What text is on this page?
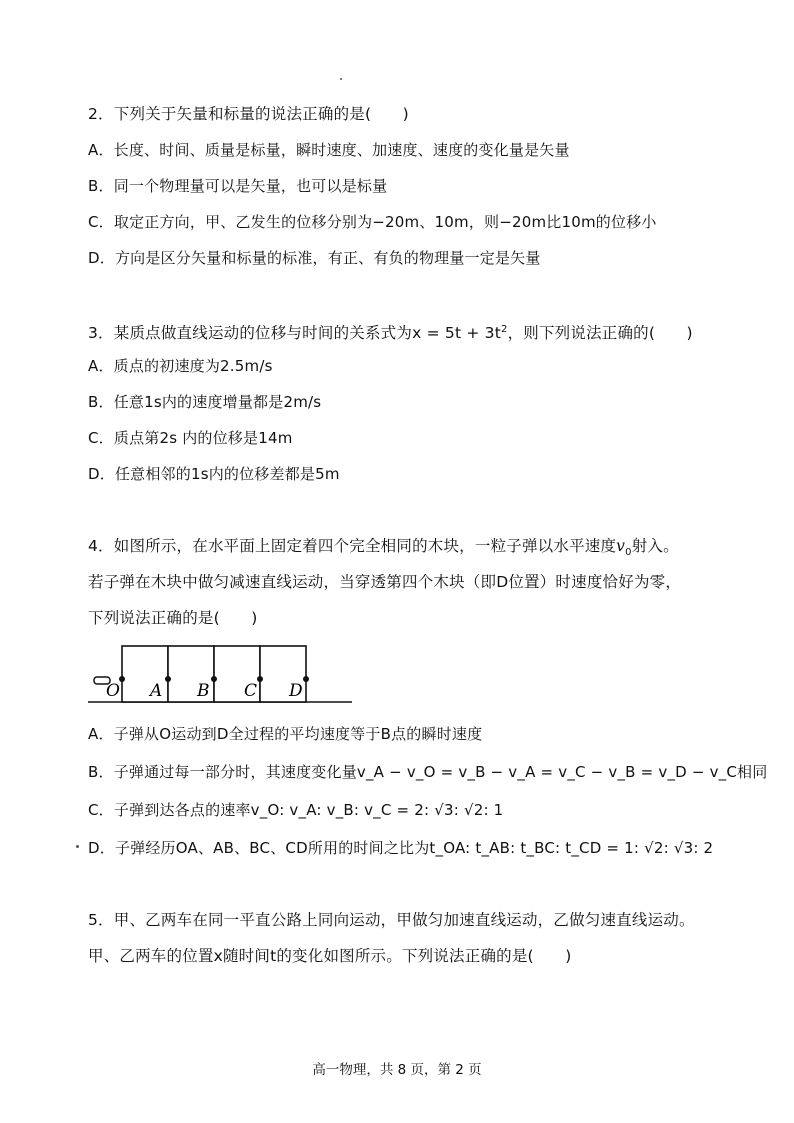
2．下列关于矢量和标量的说法正确的是(　　)
A．长度、时间、质量是标量，瞬时速度、加速度、速度的变化量是矢量
B．同一个物理量可以是矢量，也可以是标量
C．取定正方向，甲、乙发生的位移分别为−20m、10m，则−20m比10m的位移小
D．方向是区分矢量和标量的标准，有正、有负的物理量一定是矢量
3．某质点做直线运动的位移与时间的关系式为$x = 5t + 3t^2$，则下列说法正确的(　　)
A．质点的初速度为2.5m/s
B．任意1s内的速度增量都是2m/s
C．质点第2s 内的位移是14m
D．任意相邻的1s内的位移差都是5m
4．如图所示，在水平面上固定着四个完全相同的木块，一粒子弹以水平速度$v_0$射入。
若子弹在木块中做匀减速直线运动，当穿透第四个木块（即D位置）时速度恰好为零，
下列说法正确的是(　　)
O A B C D
A．子弹从O运动到D全过程的平均速度等于B点的瞬时速度
B．子弹通过每一部分时，其速度变化量v_A − v_O = v_B − v_A = v_C − v_B = v_D − v_C相同
C．子弹到达各点的速率v_O: v_A: v_B: v_C = 2: √3: √2: 1
D．子弹经历OA、AB、BC、CD所用的时间之比为t_OA: t_AB: t_BC: t_CD = 1: √2: √3: 2
5．甲、乙两车在同一平直公路上同向运动，甲做匀加速直线运动，乙做匀速直线运动。
甲、乙两车的位置x随时间t的变化如图所示。下列说法正确的是(　　)
高一物理，共 8 页，第 2 页
